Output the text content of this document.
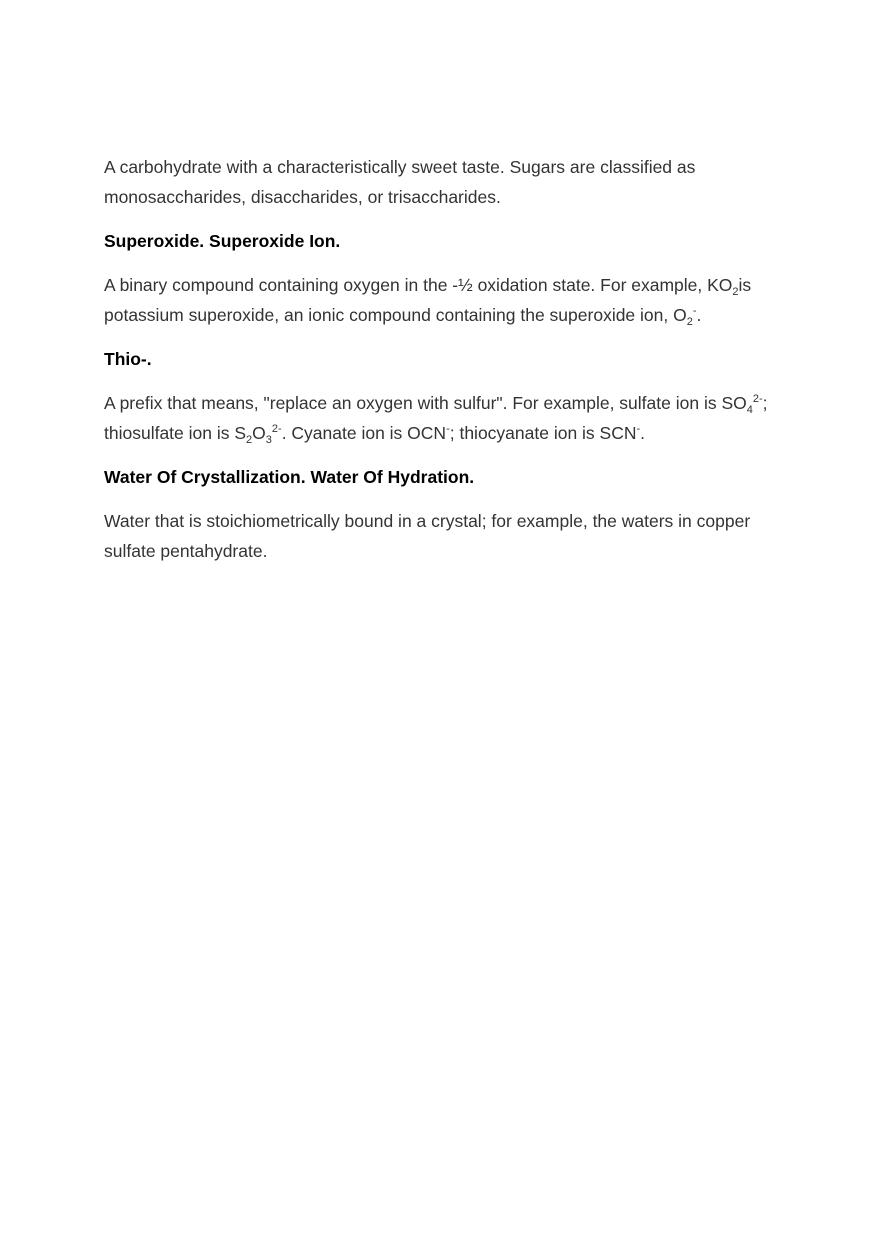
A carbohydrate with a characteristically sweet taste. Sugars are classified as monosaccharides, disaccharides, or trisaccharides.

Superoxide. Superoxide Ion.

A binary compound containing oxygen in the -½ oxidation state. For example, $KO_2is$ potassium superoxide, an ionic compound containing the superoxide ion, $O_2^-$.

Thio-.

A prefix that means, "replace an oxygen with sulfur". For example, sulfate ion is $SO_4^{2-}$; thiosulfate ion is $S_2O_3^{2-}$. Cyanate ion is OCN-; thiocyanate ion is SCN-.

Water Of Crystallization. Water Of Hydration.

Water that is stoichiometrically bound in a crystal; for example, the waters in copper sulfate pentahydrate.
